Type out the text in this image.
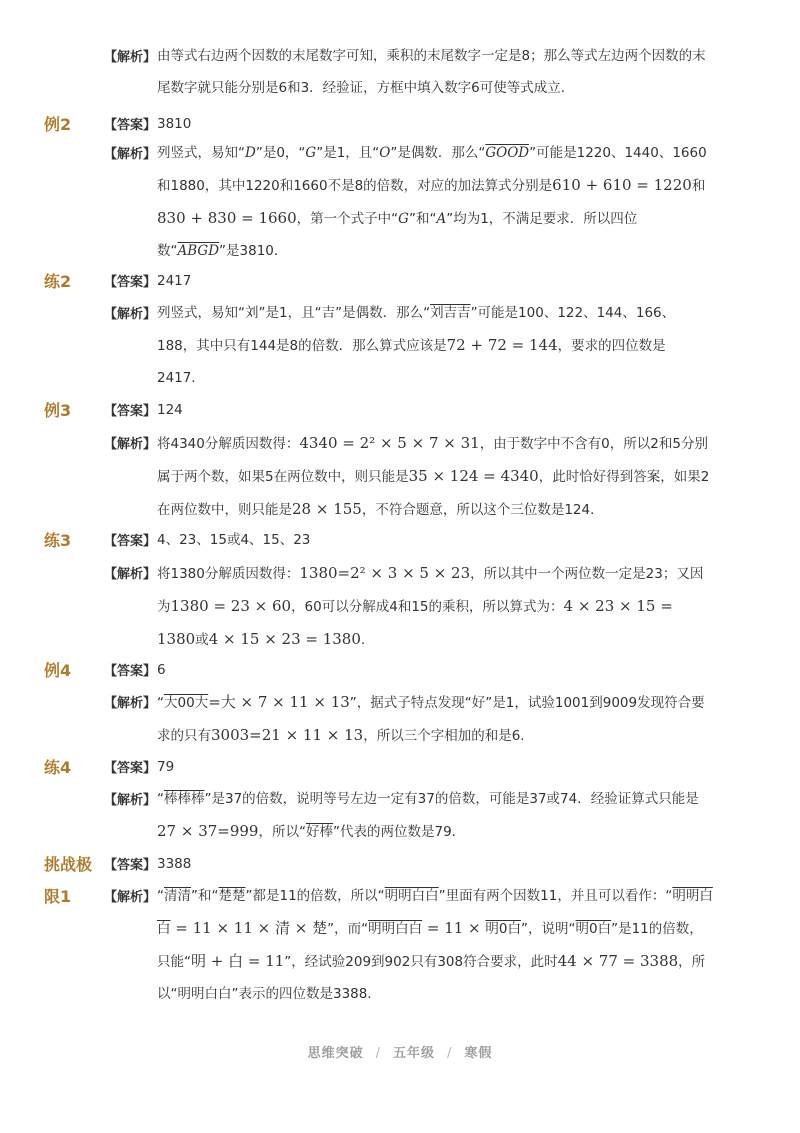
【解析】 由等式右边两个因数的末尾数字可知，乘积的末尾数字一定是8；那么等式左边两个因数的末尾数字就只能分别是6和3．经验证，方框中填入数字6可使等式成立．
例2	【答案】 3810
【解析】 列竖式，易知“D”是0，“G”是1，且“O”是偶数．那么“GOOD”可能是1220、1440、1660和1880，其中1220和1660不是8的倍数，对应的加法算式分别是610 + 610 = 1220和830 + 830 = 1660，第一个式子中“G”和“A”均为1，不满足要求．所以四位数“ABGD”是3810．
练2	【答案】 2417
【解析】 列竖式，易知“刘”是1，且“吉”是偶数．那么“刘吉吉”可能是100、122、144、166、188，其中只有144是8的倍数．那么算式应该是72 + 72 = 144，要求的四位数是2417．
例3	【答案】 124
【解析】 将4340分解质因数得：4340 = 2² × 5 × 7 × 31，由于数字中不含有0，所以2和5分别属于两个数，如果5在两位数中，则只能是35 × 124 = 4340，此时恰好得到答案，如果2在两位数中，则只能是28 × 155，不符合题意，所以这个三位数是124．
练3	【答案】 4、23、15或4、15、23
【解析】 将1380分解质因数得：1380=2² × 3 × 5 × 23，所以其中一个两位数一定是23；又因为1380 = 23 × 60，60可以分解成4和15的乘积，所以算式为：4 × 23 × 15 = 1380或4 × 15 × 23 = 1380.
例4	【答案】 6
【解析】 “大00大=大 × 7 × 11 × 13”，据式子特点发现“好”是1，试验1001到9009发现符合要求的只有3003=21 × 11 × 13，所以三个字相加的和是6．
练4	【答案】 79
【解析】 “棒棒棒”是37的倍数，说明等号左边一定有37的倍数，可能是37或74．经验证算式只能是27 × 37=999，所以“好棒”代表的两位数是79．
挑战极 【答案】 3388
限1	【解析】 “清清”和“楚楚”都是11的倍数，所以“明明白白”里面有两个因数11，并且可以看作：“明明白白 = 11 × 11 × 清 × 楚”，而“明明白白 = 11 × 明0白”，说明“明0白”是11的倍数，只能“明 + 白 = 11”，经试验209到902只有308符合要求，此时44 × 77 = 3388，所以“明明白白”表示的四位数是3388．
思维突破 / 五年级 / 寒假
